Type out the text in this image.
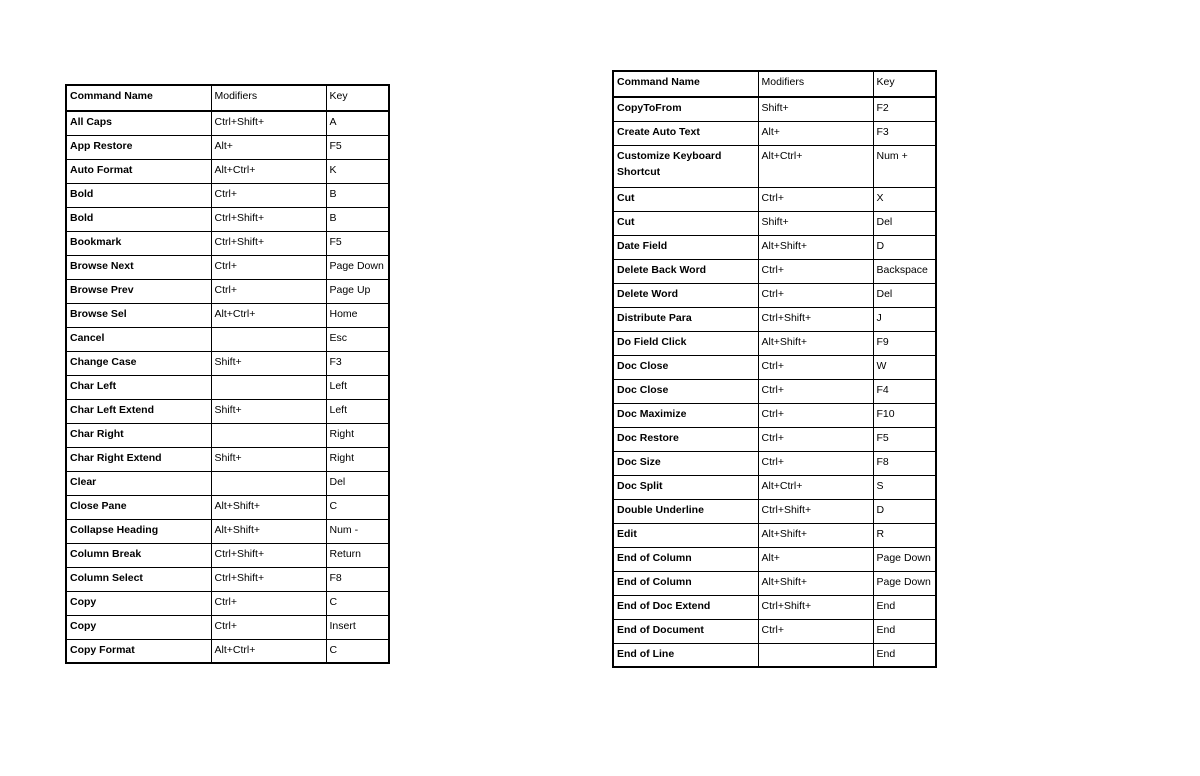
Command Name	Modifiers	Key
All Caps	Ctrl+Shift+	A
App Restore	Alt+	F5
Auto Format	Alt+Ctrl+	K
Bold	Ctrl+	B
Bold	Ctrl+Shift+	B
Bookmark	Ctrl+Shift+	F5
Browse Next	Ctrl+	Page Down
Browse Prev	Ctrl+	Page Up
Browse Sel	Alt+Ctrl+	Home
Cancel		Esc
Change Case	Shift+	F3
Char Left		Left
Char Left Extend	Shift+	Left
Char Right		Right
Char Right Extend	Shift+	Right
Clear		Del
Close Pane	Alt+Shift+	C
Collapse Heading	Alt+Shift+	Num -
Column Break	Ctrl+Shift+	Return
Column Select	Ctrl+Shift+	F8
Copy	Ctrl+	C
Copy	Ctrl+	Insert
Copy Format	Alt+Ctrl+	C
Command Name	Modifiers	Key
CopyToFrom	Shift+	F2
Create Auto Text	Alt+	F3
Customize Keyboard Shortcut	Alt+Ctrl+	Num +
Cut	Ctrl+	X
Cut	Shift+	Del
Date Field	Alt+Shift+	D
Delete Back Word	Ctrl+	Backspace
Delete Word	Ctrl+	Del
Distribute Para	Ctrl+Shift+	J
Do Field Click	Alt+Shift+	F9
Doc Close	Ctrl+	W
Doc Close	Ctrl+	F4
Doc Maximize	Ctrl+	F10
Doc Restore	Ctrl+	F5
Doc Size	Ctrl+	F8
Doc Split	Alt+Ctrl+	S
Double Underline	Ctrl+Shift+	D
Edit	Alt+Shift+	R
End of Column	Alt+	Page Down
End of Column	Alt+Shift+	Page Down
End of Doc Extend	Ctrl+Shift+	End
End of Document	Ctrl+	End
End of Line		End
